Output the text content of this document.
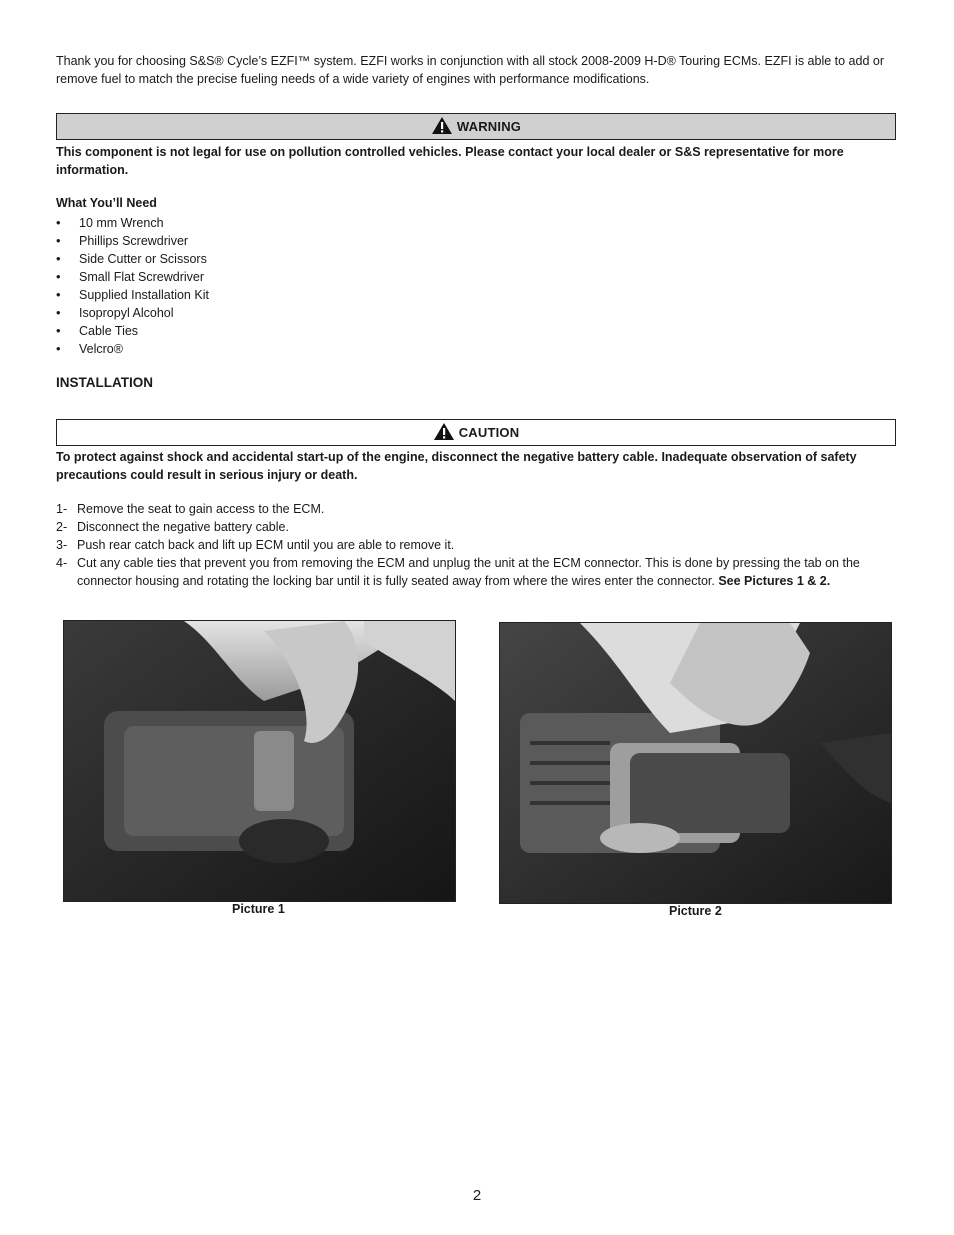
Thank you for choosing S&S® Cycle’s EZFI™ system. EZFI works in conjunction with all stock 2008-2009 H-D® Touring ECMs. EZFI is able to add or remove fuel to match the precise fueling needs of a wide variety of engines with performance modifications.
WARNING
This component is not legal for use on pollution controlled vehicles. Please contact your local dealer or S&S representative for more information.
What You’ll Need
• 10 mm Wrench
• Phillips Screwdriver
• Side Cutter or Scissors
• Small Flat Screwdriver
• Supplied Installation Kit
• Isopropyl Alcohol
• Cable Ties
• Velcro®
INSTALLATION
CAUTION
To protect against shock and accidental start-up of the engine, disconnect the negative battery cable. Inadequate observation of safety precautions could result in serious injury or death.
1- Remove the seat to gain access to the ECM.
2- Disconnect the negative battery cable.
3- Push rear catch back and lift up ECM until you are able to remove it.
4- Cut any cable ties that prevent you from removing the ECM and unplug the unit at the ECM connector. This is done by pressing the tab on the connector housing and rotating the locking bar until it is fully seated away from where the wires enter the connector. See Pictures 1 & 2.
Picture 1	Picture 2
2
